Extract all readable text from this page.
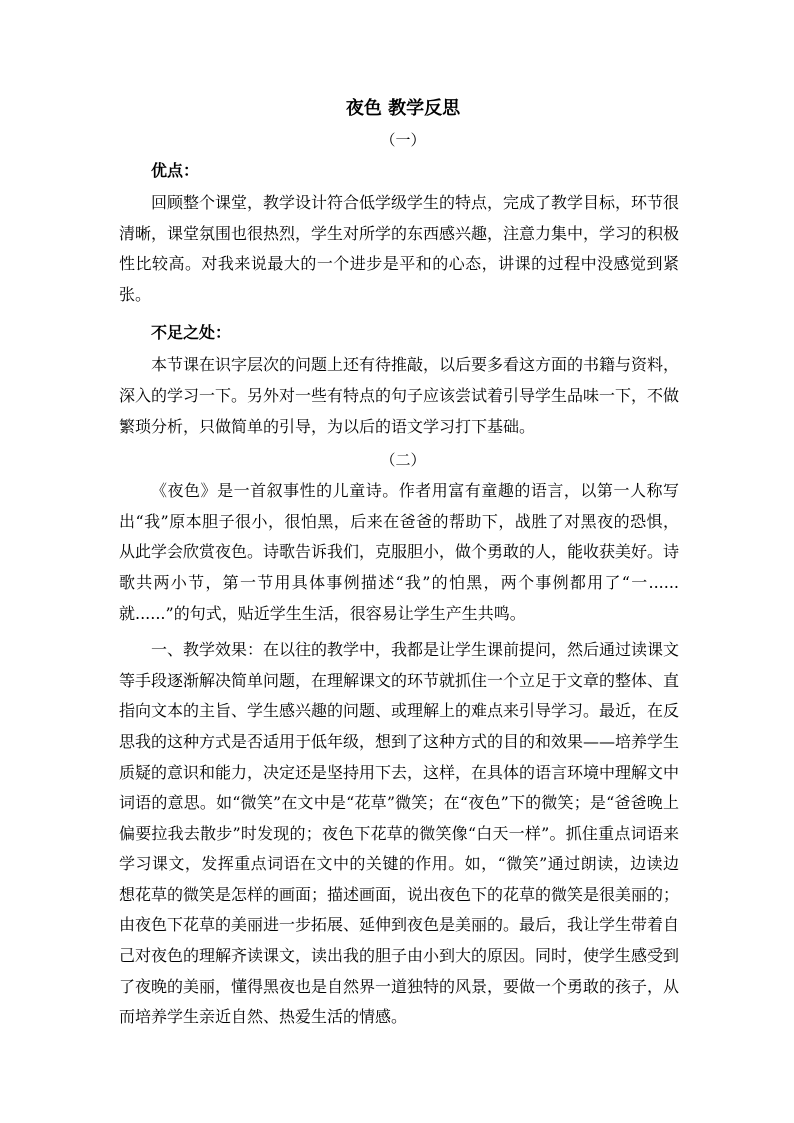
夜色 教学反思
（一）
优点：

回顾整个课堂，教学设计符合低学级学生的特点，完成了教学目标，环节很清晰，课堂氛围也很热烈，学生对所学的东西感兴趣，注意力集中，学习的积极性比较高。对我来说最大的一个进步是平和的心态，讲课的过程中没感觉到紧张。

不足之处：

本节课在识字层次的问题上还有待推敲，以后要多看这方面的书籍与资料，深入的学习一下。另外对一些有特点的句子应该尝试着引导学生品味一下，不做繁琐分析，只做简单的引导，为以后的语文学习打下基础。

（二）

《夜色》是一首叙事性的儿童诗。作者用富有童趣的语言，以第一人称写出“我”原本胆子很小，很怕黑，后来在爸爸的帮助下，战胜了对黑夜的恐惧，从此学会欣赏夜色。诗歌告诉我们，克服胆小，做个勇敢的人，能收获美好。诗歌共两小节，第一节用具体事例描述“我”的怕黑，两个事例都用了“一......就......”的句式，贴近学生生活，很容易让学生产生共鸣。

一、教学效果：在以往的教学中，我都是让学生课前提问，然后通过读课文等手段逐渐解决简单问题，在理解课文的环节就抓住一个立足于文章的整体、直指向文本的主旨、学生感兴趣的问题、或理解上的难点来引导学习。最近，在反思我的这种方式是否适用于低年级，想到了这种方式的目的和效果——培养学生质疑的意识和能力，决定还是坚持用下去，这样，在具体的语言环境中理解文中词语的意思。如“微笑”在文中是“花草”微笑；在“夜色”下的微笑；是“爸爸晚上偏要拉我去散步”时发现的；夜色下花草的微笑像“白天一样”。抓住重点词语来学习课文，发挥重点词语在文中的关键的作用。如，“微笑”通过朗读，边读边想花草的微笑是怎样的画面；描述画面，说出夜色下的花草的微笑是很美丽的；由夜色下花草的美丽进一步拓展、延伸到夜色是美丽的。最后，我让学生带着自己对夜色的理解齐读课文，读出我的胆子由小到大的原因。同时，使学生感受到了夜晚的美丽，懂得黑夜也是自然界一道独特的风景，要做一个勇敢的孩子，从而培养学生亲近自然、热爱生活的情感。
